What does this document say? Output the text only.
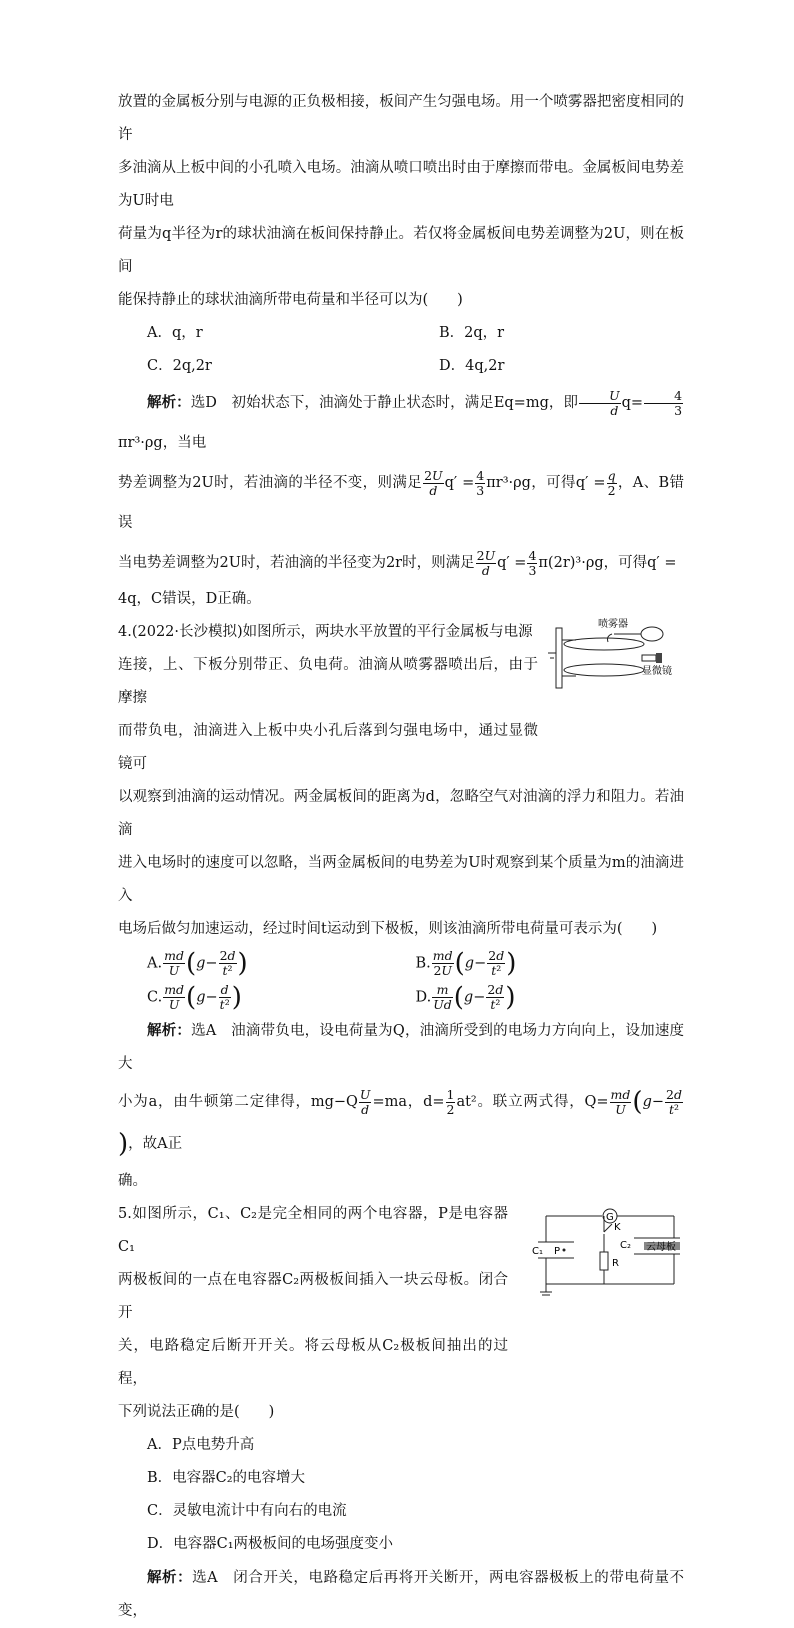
放置的金属板分别与电源的正负极相接，板间产生匀强电场。用一个喷雾器把密度相同的许

多油滴从上板中间的小孔喷入电场。油滴从喷口喷出时由于摩擦而带电。金属板间电势差为U时电

荷量为q半径为r的球状油滴在板间保持静止。若仅将金属板间电势差调整为2U，则在板间

能保持静止的球状油滴所带电荷量和半径可以为(　　)

A．q，r	B．2q，r
C．2q,2r	D．4q,2r

解析：选D　初始状态下，油滴处于静止状态时，满足Eq=mg，即 $\frac{U}{d} q= \frac{4}{3}$
πr³·ρg，当电

势差调整为2U时，若油滴的半径不变，则满足 $\frac{2U}{d} q' = \frac{4}{3} \pi r^3\cdot\rho g$，可得$q' = \frac{q}{2}$ ，A、B错误

当电势差调整为2U时，若油滴的半径变为2r时，则满足 $\frac{2U}{d} q' = \frac{4}{3} \pi(2r)^3\cdot\rho g$，可得q′ =

4q，C错误，D正确。

4.(2022·长沙模拟)如图所示，两块水平放置的平行金属板与电源

连接，上、下板分别带正、负电荷。油滴从喷雾器喷出后，由于摩擦

而带负电，油滴进入上板中央小孔后落到匀强电场中，通过显微镜可

喷雾器
显微镜

以观察到油滴的运动情况。两金属板间的距离为d，忽略空气对油滴的浮力和阻力。若油滴

进入电场时的速度可以忽略，当两金属板间的电势差为U时观察到某个质量为m的油滴进入

电场后做匀加速运动，经过时间t运动到下极板，则该油滴所带电荷量可表示为(　　)

A. $\frac{md}{U} (g- \frac{2d}{\text{t²}}$ )	B. $\frac{md}{2U} (g- \frac{2d}{\text{t²}}$ )
C. $\frac{md}{U} (g- \frac{d}{\text{t²}}$ )	D. $\frac{m}{Ud} (g- \frac{2d}{\text{t²}}$ )

解析：选A　油滴带负电，设电荷量为Q，油滴所受到的电场力方向向上，设加速度大

小为a，由牛顿第二定律得，$mg-Q \frac{U}{d} =ma$，$d= \frac{1}{2} at^2$。联立两式得，$Q= \frac{md}{U} (g- \frac{2d}{\text{t²}}$
)，故A正

确。

5.如图所示，C₁、C₂是完全相同的两个电容器，P是电容器C₁

两极板间的一点在电容器C₂两极板间插入一块云母板。闭合开

关，电路稳定后断开开关。将云母板从C₂极板间抽出的过程，

下列说法正确的是(　　)

G
C₁ P
K
R
C₂ 云母板

A．P点电势升高

B．电容器C₂的电容增大

C．灵敏电流计中有向右的电流

D．电容器C₁两极板间的电场强度变小

解析：选A　闭合开关，电路稳定后再将开关断开，两电容器极板上的带电荷量不变，
